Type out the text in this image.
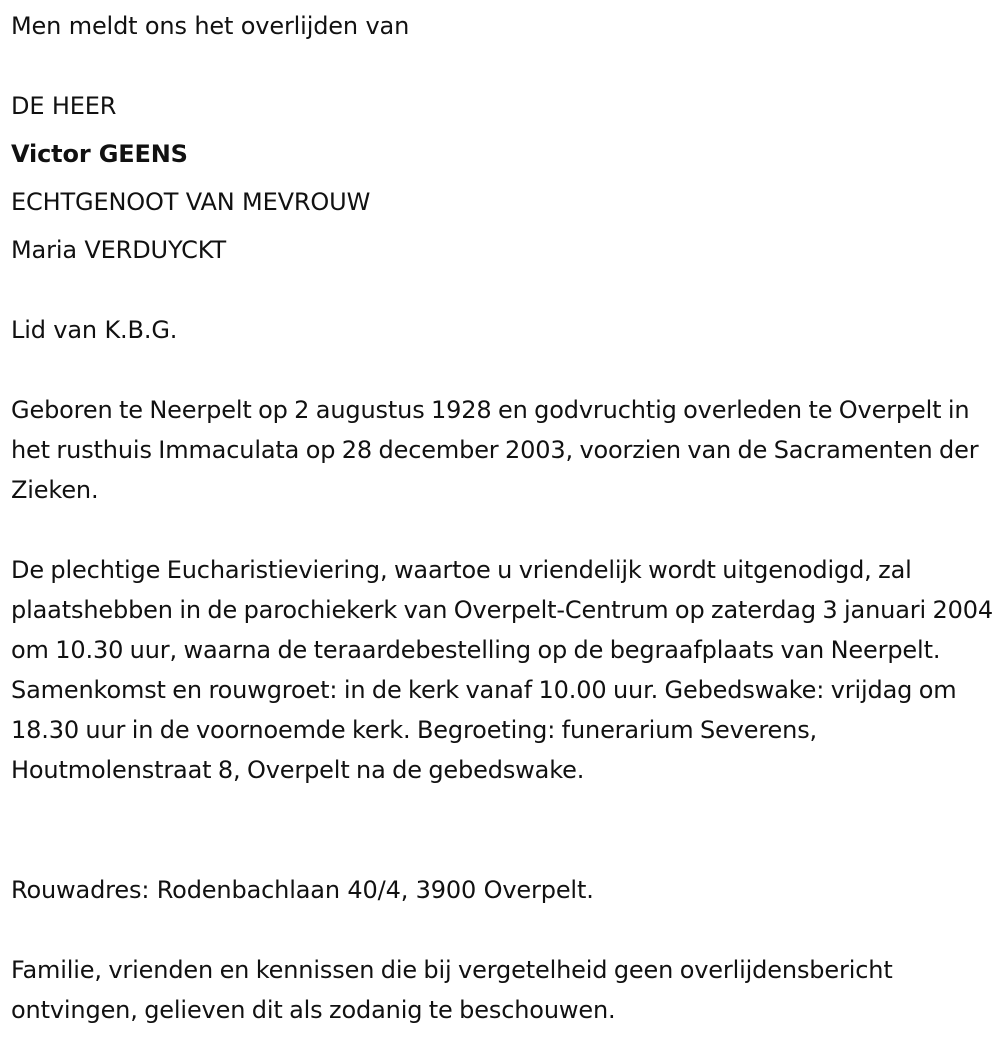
Men meldt ons het overlijden van
DE HEER
Victor GEENS
ECHTGENOOT VAN MEVROUW
Maria VERDUYCKT
Lid van K.B.G.
Geboren te Neerpelt op 2 augustus 1928 en godvruchtig overleden te Overpelt in het rusthuis Immaculata op 28 december 2003, voorzien van de Sacramenten der Zieken.
De plechtige Eucharistieviering, waartoe u vriendelijk wordt uitgenodigd, zal plaatshebben in de parochiekerk van Overpelt-Centrum op zaterdag 3 januari 2004 om 10.30 uur, waarna de teraardebestelling op de begraafplaats van Neerpelt. Samenkomst en rouwgroet: in de kerk vanaf 10.00 uur. Gebedswake: vrijdag om 18.30 uur in de voornoemde kerk. Begroeting: funerarium Severens, Houtmolenstraat 8, Overpelt na de gebedswake.
Rouwadres: Rodenbachlaan 40/4, 3900 Overpelt.
Familie, vrienden en kennissen die bij vergetelheid geen overlijdensbericht ontvingen, gelieven dit als zodanig te beschouwen.
